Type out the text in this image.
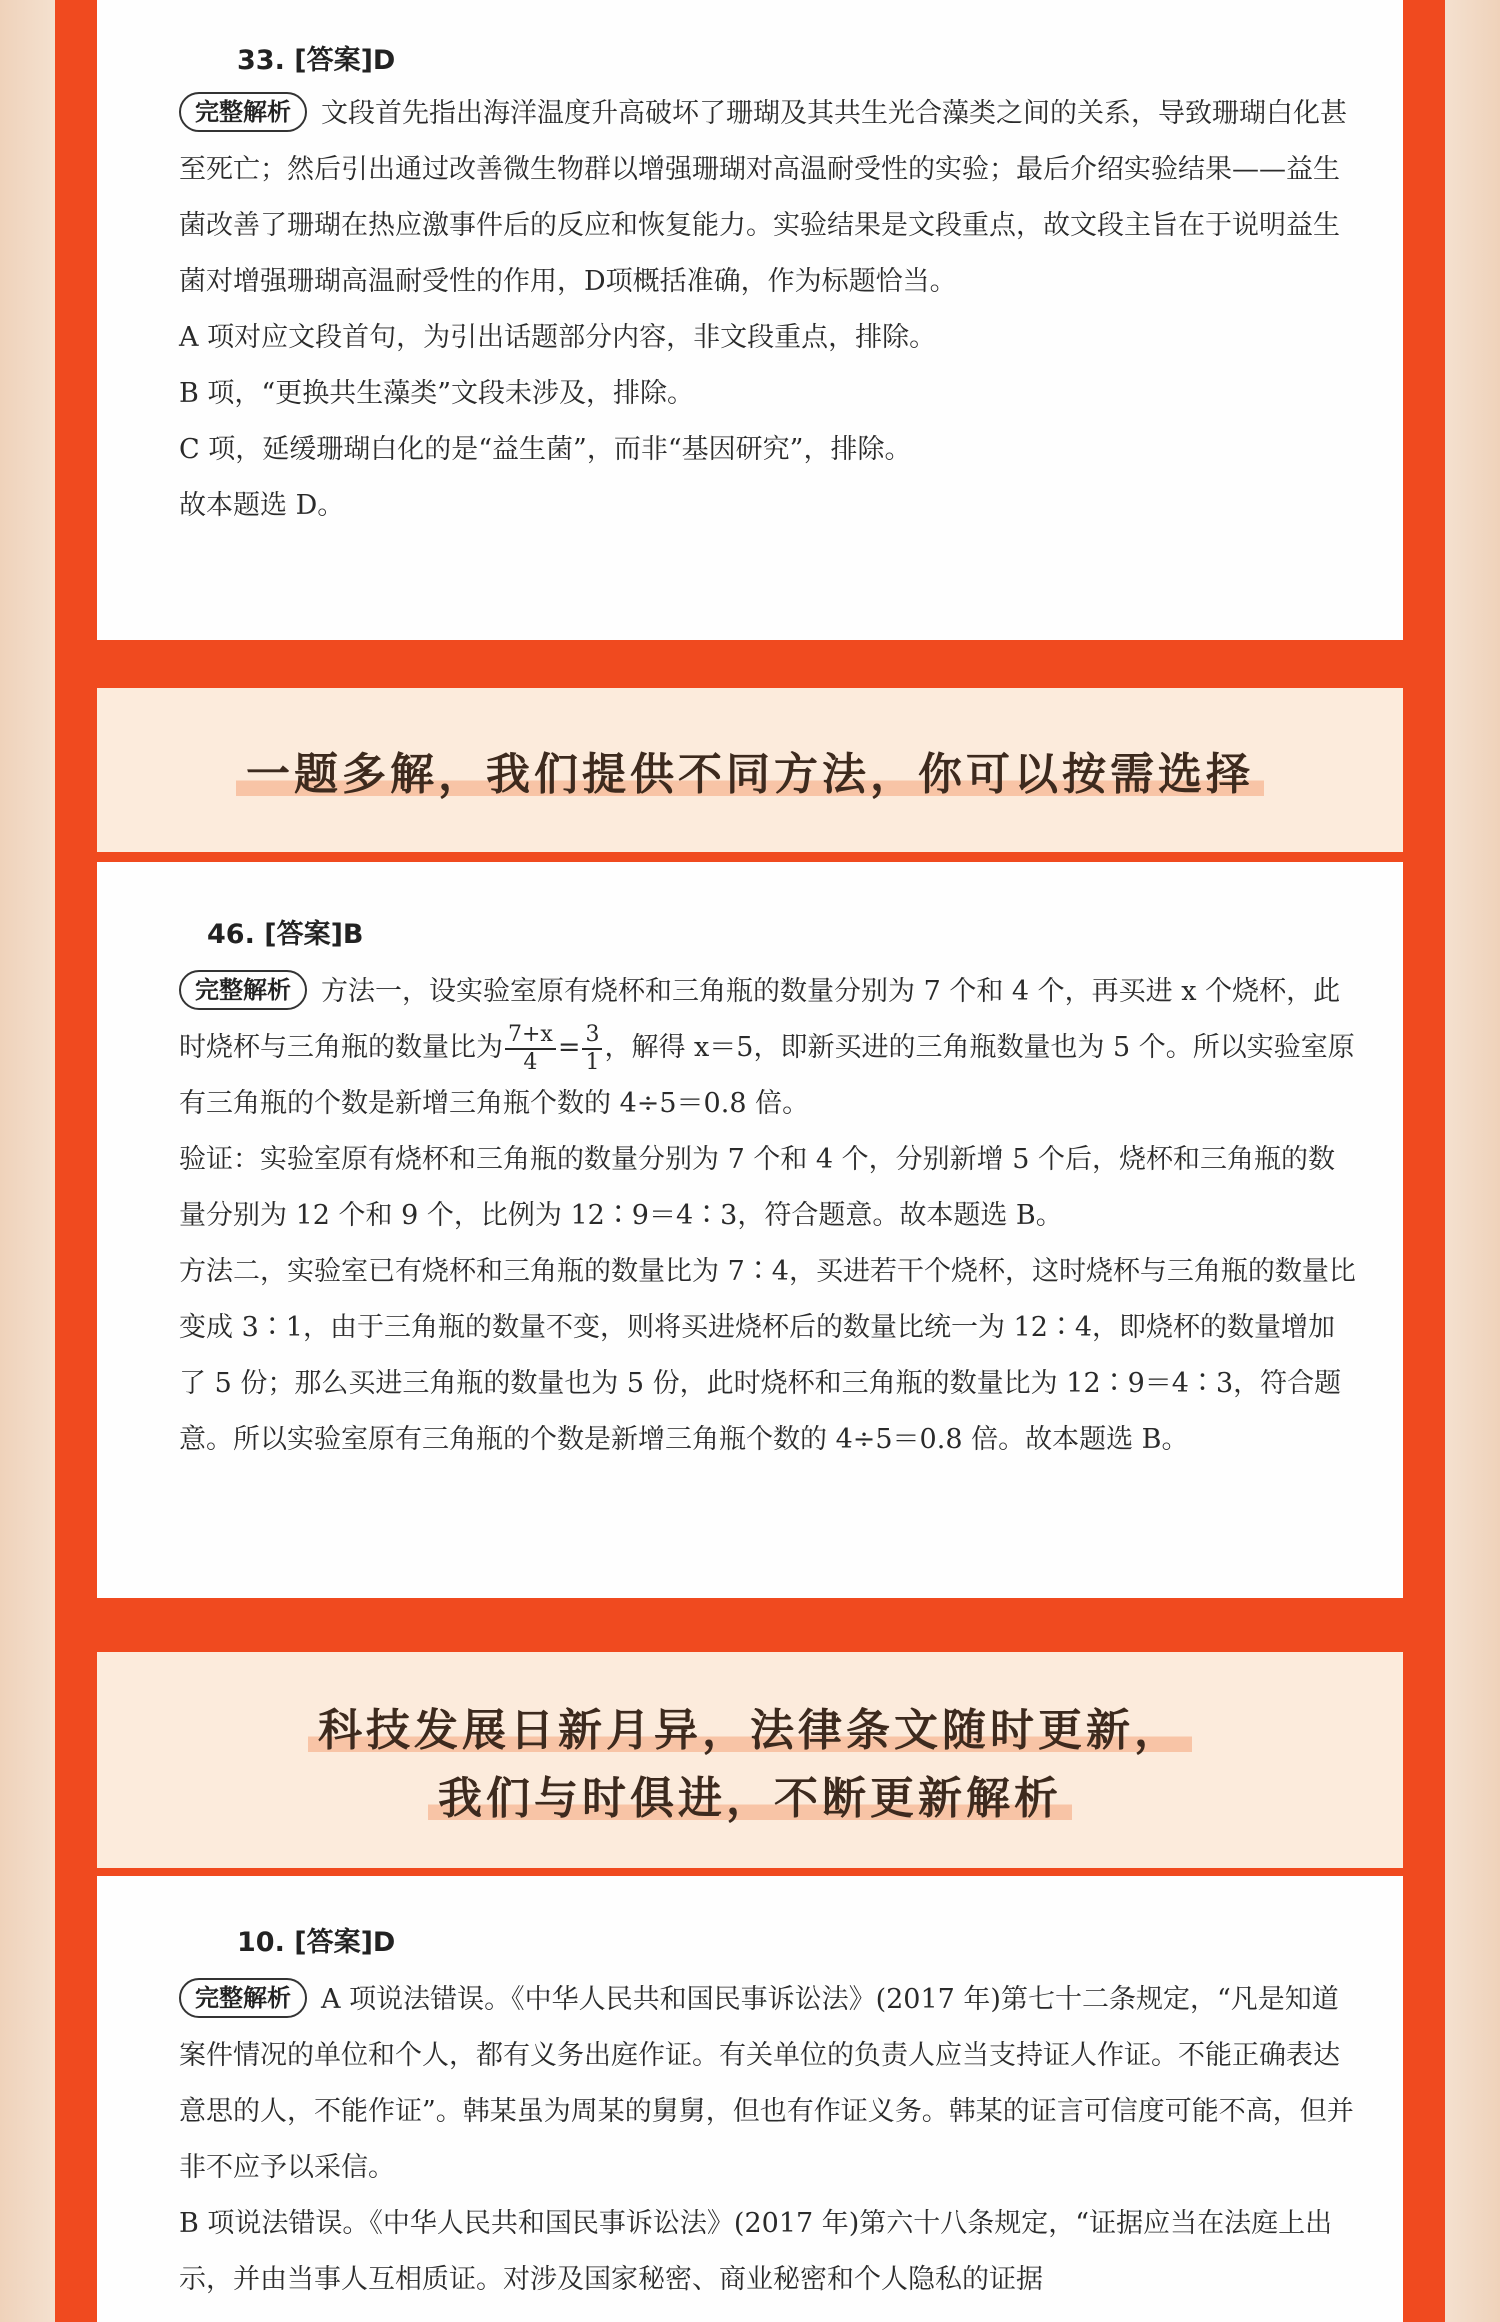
33. [答案]D

完整解析 文段首先指出海洋温度升高破坏了珊瑚及其共生光合藻类之间的关系，导致珊瑚白化甚至死亡；然后引出通过改善微生物群以增强珊瑚对高温耐受性的实验；最后介绍实验结果——益生菌改善了珊瑚在热应激事件后的反应和恢复能力。实验结果是文段重点，故文段主旨在于说明益生菌对增强珊瑚高温耐受性的作用，D项概括准确，作为标题恰当。

A 项对应文段首句，为引出话题部分内容，非文段重点，排除。

B 项，“更换共生藻类”文段未涉及，排除。

C 项，延缓珊瑚白化的是“益生菌”，而非“基因研究”，排除。

故本题选 D。

一题多解，我们提供不同方法，你可以按需选择
46. [答案]B

完整解析 方法一，设实验室原有烧杯和三角瓶的数量分别为 7 个和 4 个，再买进 x 个烧杯，此时烧杯与三角瓶的数量比为 $\frac{7+x}{4} = \frac{3}{1}$ ，解得 x＝5，即新买进的三角瓶数量也为 5 个。所以实验室原有三角瓶的个数是新增三角瓶个数的 4÷5＝0.8 倍。

验证：实验室原有烧杯和三角瓶的数量分别为 7 个和 4 个，分别新增 5 个后，烧杯和三角瓶的数量分别为 12 个和 9 个，比例为 12∶9＝4∶3，符合题意。故本题选 B。

方法二，实验室已有烧杯和三角瓶的数量比为 7∶4，买进若干个烧杯，这时烧杯与三角瓶的数量比变成 3∶1，由于三角瓶的数量不变，则将买进烧杯后的数量比统一为 12∶4，即烧杯的数量增加了 5 份；那么买进三角瓶的数量也为 5 份，此时烧杯和三角瓶的数量比为 12∶9＝4∶3，符合题意。所以实验室原有三角瓶的个数是新增三角瓶个数的 4÷5＝0.8 倍。故本题选 B。

科技发展日新月异，法律条文随时更新，
我们与时俱进，不断更新解析
10. [答案]D

完整解析 A 项说法错误。《中华人民共和国民事诉讼法》(2017 年)第七十二条规定，“凡是知道案件情况的单位和个人，都有义务出庭作证。有关单位的负责人应当支持证人作证。不能正确表达意思的人，不能作证”。韩某虽为周某的舅舅，但也有作证义务。韩某的证言可信度可能不高，但并非不应予以采信。

B 项说法错误。《中华人民共和国民事诉讼法》(2017 年)第六十八条规定，“证据应当在法庭上出示，并由当事人互相质证。对涉及国家秘密、商业秘密和个人隐私的证据
